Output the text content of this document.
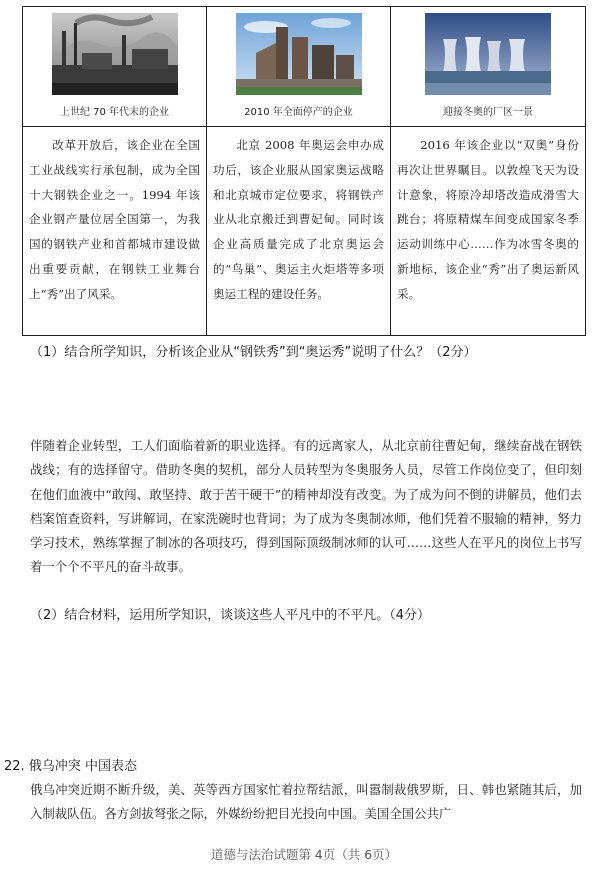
上世纪 70 年代末的企业
改革开放后，该企业在全国工业战线实行承包制，成为全国十大钢铁企业之一。1994 年该企业钢产量位居全国第一，为我国的钢铁产业和首都城市建设做出重要贡献，在钢铁工业舞台上“秀”出了风采。
2010 年全面停产的企业
北京 2008 年奥运会申办成功后，该企业服从国家奥运战略和北京城市定位要求，将钢铁产业从北京搬迁到曹妃甸。同时该企业高质量完成了北京奥运会的“鸟巢”、奥运主火炬塔等多项奥运工程的建设任务。
迎接冬奥的厂区一景
2016 年该企业以“双奥”身份再次让世界瞩目。以敦煌飞天为设计意象，将原冷却塔改造成滑雪大跳台；将原精煤车间变成国家冬季运动训练中心……作为冰雪冬奥的新地标，该企业“秀”出了奥运新风采。
（1）结合所学知识，分析该企业从“钢铁秀”到“奥运秀”说明了什么？（2分）
伴随着企业转型，工人们面临着新的职业选择。有的远离家人，从北京前往曹妃甸，继续奋战在钢铁战线；有的选择留守。借助冬奥的契机，部分人员转型为冬奥服务人员，尽管工作岗位变了，但印刻在他们血液中“敢闯、敢坚持、敢于苦干硬干”的精神却没有改变。为了成为问不倒的讲解员，他们去档案馆查资料，写讲解词，在家洗碗时也背词；为了成为冬奥制冰师，他们凭着不服输的精神，努力学习技术，熟练掌握了制冰的各项技巧，得到国际顶级制冰师的认可……这些人在平凡的岗位上书写着一个个不平凡的奋斗故事。
（2）结合材料，运用所学知识，谈谈这些人平凡中的不平凡。（4分）
22. 俄乌冲突 中国表态
俄乌冲突近期不断升级，美、英等西方国家忙着拉帮结派，叫嚣制裁俄罗斯，日、韩也紧随其后，加入制裁队伍。各方剑拔弩张之际，外媒纷纷把目光投向中国。美国全国公共广
道德与法治试题第 4页（共 6页）
